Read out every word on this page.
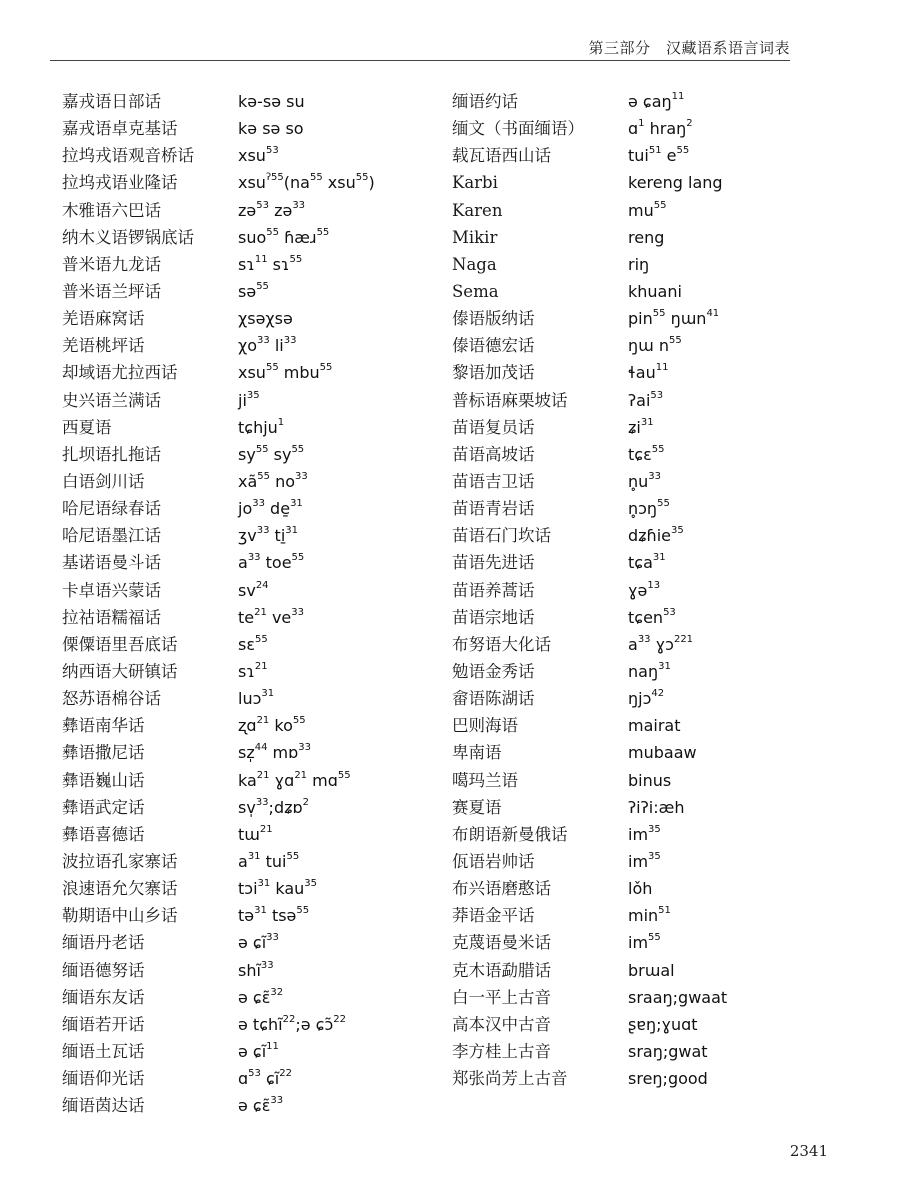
第三部分　汉藏语系语言词表
嘉戎语日部话	kə-sə su
嘉戎语卓克基话	kə sə so
拉坞戎语观音桥话	xsu$^{53}$
拉坞戎语业隆话	$xsu^{ʔ55}(na^{55}$ xsu$^{55}$)
木雅语六巴话	zə$^{53}$ zə$^{33}$
纳木义语锣锅底话	suo$^{55}$ ɦæɹ$^{55}$
普米语九龙话	sɿ$^{11}$ sɿ$^{55}$
普米语兰坪话	sə$^{55}$
羌语麻窝话	χsəχsə
羌语桃坪话	$\chi o^{33}$ $li^{33}$
却域语尤拉西话	xsu$^{55}$ mbu$^{55}$
史兴语兰满话	$ji^{35}$
西夏语	tɕhju$^1$
扎坝语扎拖话	$sy^{55}$ $sy^{55}$
白语剑川话	$xã^{55}$ $no^{33}$
哈尼语绿春话	$jo^{33}$ de̱$^{31}$
哈尼语墨江话	ʒv$^{33}$ ti̱$^{31}$
基诺语曼斗话	$a^{33}$ toe$^{55}$
卡卓语兴蒙话	$sv^{24}$
拉祜语糯福话	$te^{21}$ $ve^{33}$
傈僳语里吾底话	sɛ$^{55}$
纳西语大研镇话	sɿ$^{21}$
怒苏语棉谷话	luɔ$^{31}$
彝语南华话	ʐɑ$^{21}$ $ko^{55}$
彝语撒尼话	sz̩$^{44}$ mɒ$^{33}$
彝语巍山话	$ka^{21}$ ɣɑ$^{21}$ mɑ$^{55}$
彝语武定话	sv̩$^{33}$;dʑɒ$^2$
彝语喜德话	tɯ$^{21}$
波拉语孔家寨话	$a^{31}$ tui$^{55}$
浪速语允欠寨话	tɔi$^{31}$ kau$^{35}$
勒期语中山乡话	tə$^{31}$ tsə$^{55}$
缅语丹老话	ə ɕĩ$^{33}$
缅语德努话	shĩ$^{33}$
缅语东友话	ə ɕɛ̃$^{32}$
缅语若开话	ə tɕhĩ$^{22}$;ə ɕɔ̃$^{22}$
缅语土瓦话	ə ɕĩ$^{11}$
缅语仰光话	ɑ$^{53}$ ɕĩ$^{22}$
缅语茵达话	ə ɕɛ̃$^{33}$
缅语约话	ə ɕaŋ$^{11}$
缅文（书面缅语）	ɑ$^1$ hraŋ$^2$
载瓦语西山话	tui$^{51}$ $e^{55}$
Karbi	kereng lang
Karen	$mu^{55}$
Mikir	reng
Naga	riŋ
Sema	khuani
傣语版纳话	pin$^{55}$ ŋɯn$^{41}$
傣语德宏话	ŋɯ $n^{55}$
黎语加茂话	ɬau$^{11}$
普标语麻栗坡话	ʔai$^{53}$
苗语复员话	ʑi$^{31}$
苗语高坡话	tɕɛ$^{55}$
苗语吉卫话	$n̥u^{33}$
苗语青岩话	n̥ɔŋ$^{55}$
苗语石门坎话	dʑɦie$^{35}$
苗语先进话	tɕa$^{31}$
苗语养蒿话	ɣə$^{13}$
苗语宗地话	tɕen$^{53}$
布努语大化话	$a^{33}$ ɣɔ$^{221}$
勉语金秀话	naŋ$^{31}$
畲语陈湖话	ŋjɔ$^{42}$
巴则海语	mairat
卑南语	mubaaw
噶玛兰语	binus
赛夏语	ʔiʔi:æh
布朗语新曼俄话	$im^{35}$
佤语岩帅话	$im^{35}$
布兴语磨憨话	lǒh
莽语金平话	$\min^{51}$
克蔑语曼米话	$im^{55}$
克木语勐腊话	brɯal
白一平上古音	sraaŋ;gwaat
高本汉中古音	ʂɐŋ;ɣuɑt
李方桂上古音	sraŋ;gwat
郑张尚芳上古音	sreŋ;good
2341
